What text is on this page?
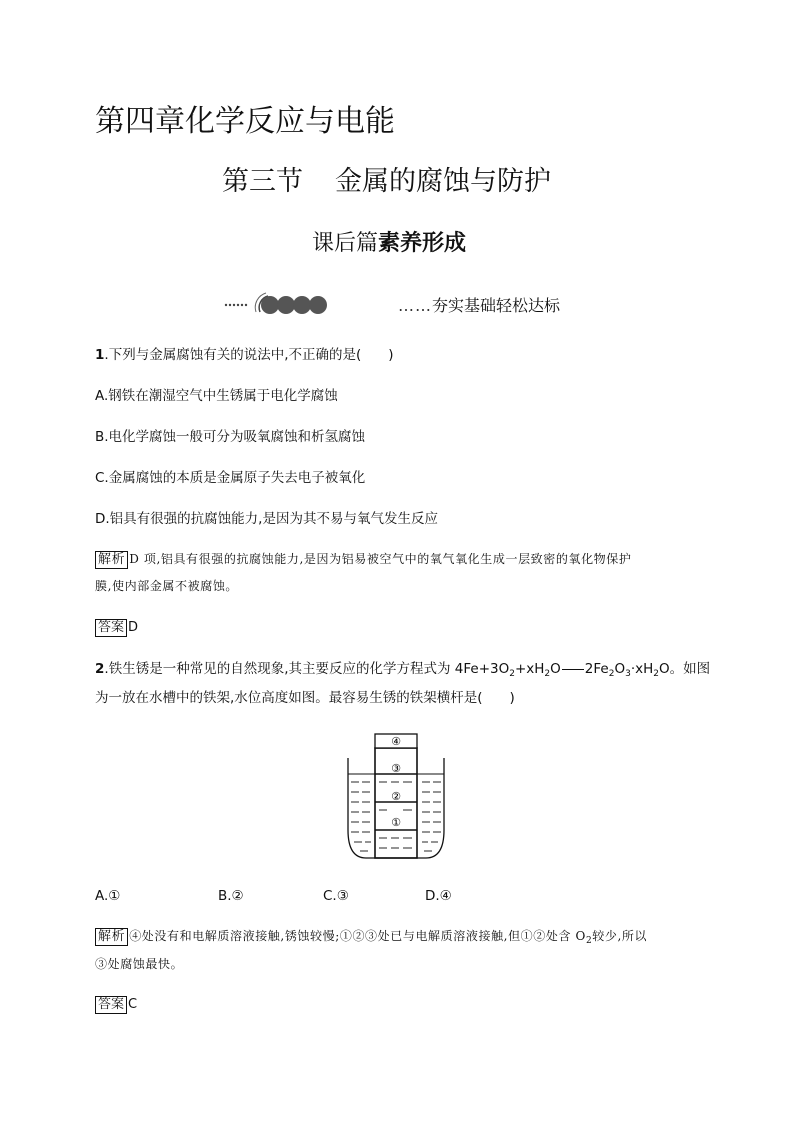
第四章化学反应与电能
第三节 金属的腐蚀与防护
课后篇素养形成
……夯实基础轻松达标
1.下列与金属腐蚀有关的说法中,不正确的是(　　)
A.钢铁在潮湿空气中生锈属于电化学腐蚀
B.电化学腐蚀一般可分为吸氧腐蚀和析氢腐蚀
C.金属腐蚀的本质是金属原子失去电子被氧化
D.铝具有很强的抗腐蚀能力,是因为其不易与氧气发生反应
解析 D 项,铝具有很强的抗腐蚀能力,是因为铝易被空气中的氧气氧化生成一层致密的氧化物保护
膜,使内部金属不被腐蚀。
答案 D
2.铁生锈是一种常见的自然现象,其主要反应的化学方程式为 $4Fe+3O_2+xH_2O$ $2Fe_2O_3\cdot xH_2O$。如图
为一放在水槽中的铁架,水位高度如图。最容易生锈的铁架横杆是(　　)
④
③
②
①
A.①	B.②	C.③	D.④
解析 ④处没有和电解质溶液接触,锈蚀较慢;①②③处已与电解质溶液接触,但①②处含 $O_2$较少,所以
③处腐蚀最快。
答案 C
